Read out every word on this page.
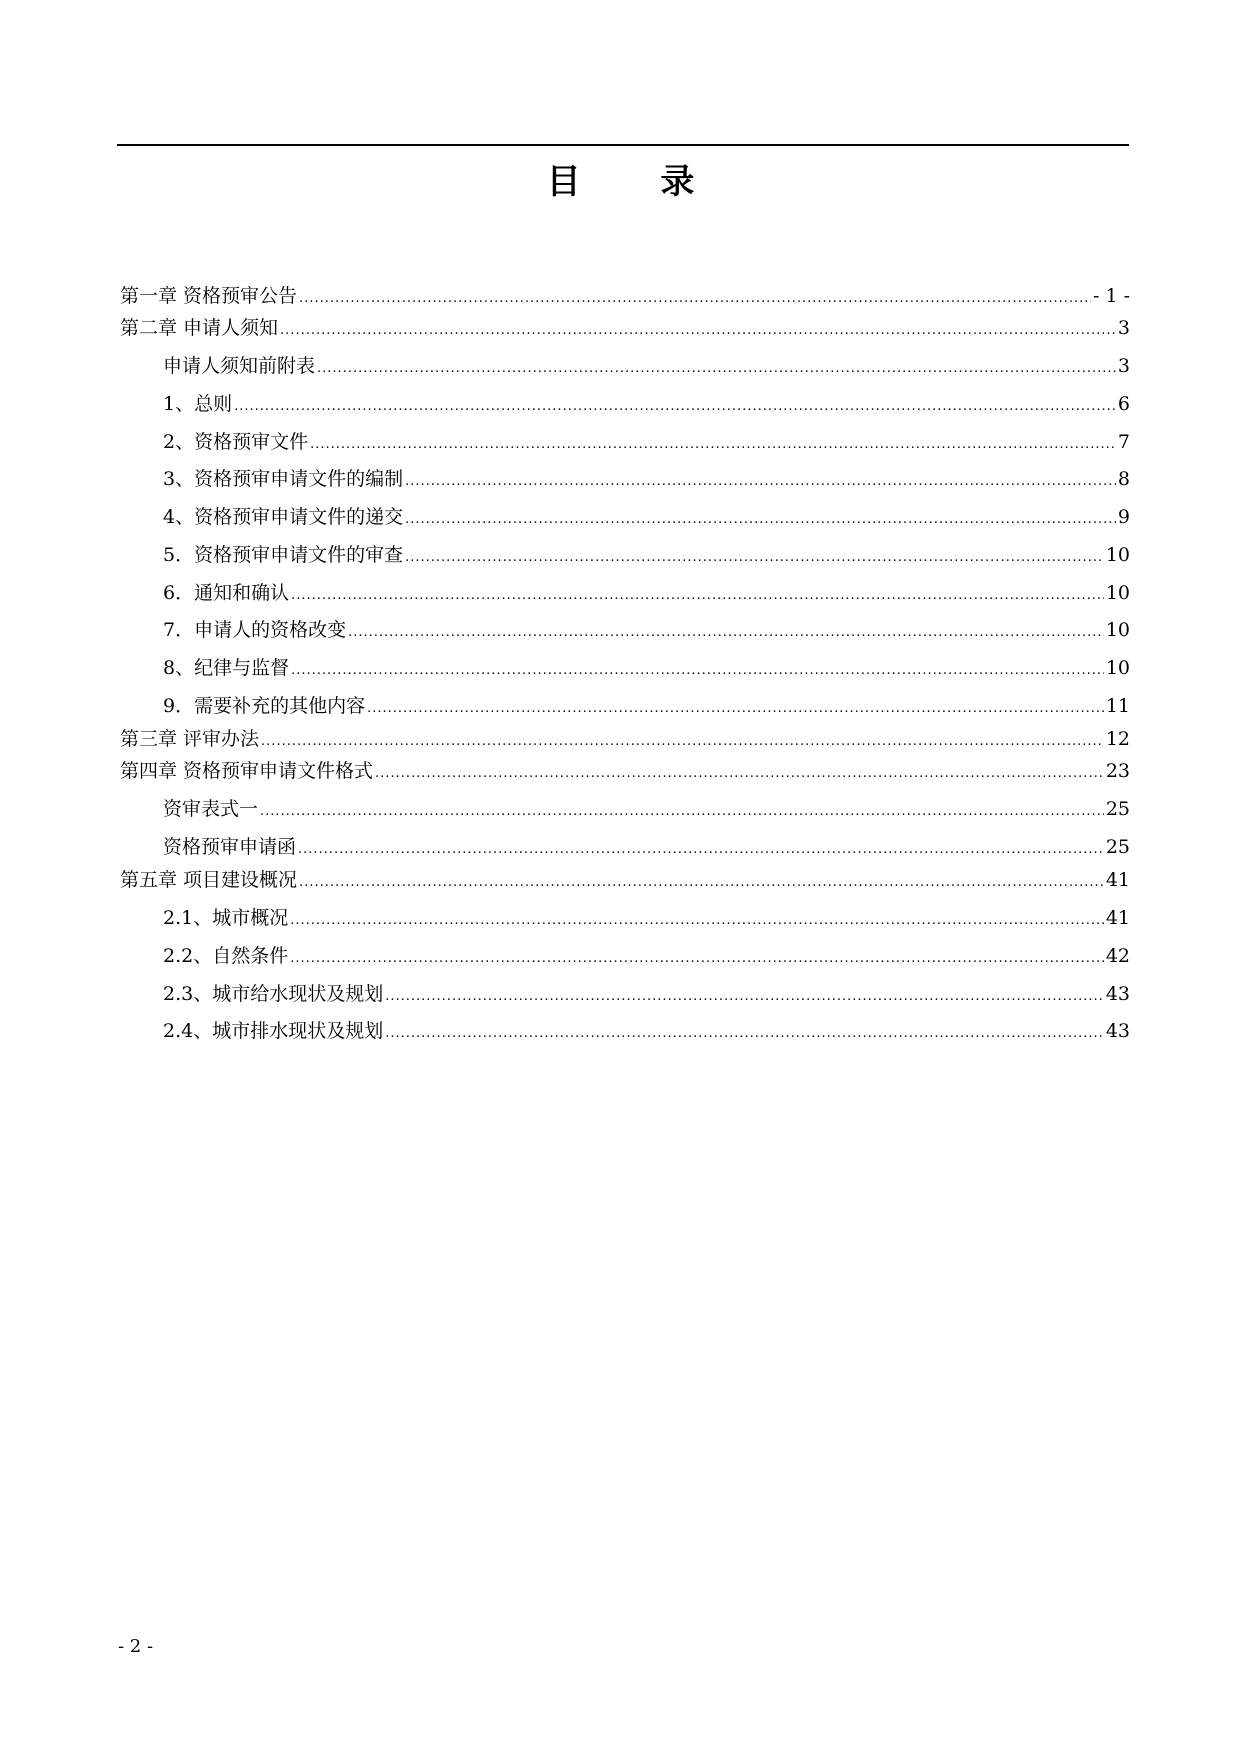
目 录
第一章 资格预审公告 .....	- 1 -
第二章 申请人须知 .....	3
申请人须知前附表 .....	3
1、总则 .....	6
2、资格预审文件 .....	7
3、资格预审申请文件的编制 .....	8
4、资格预审申请文件的递交 .....	9
5．资格预审申请文件的审查 .....	10
6．通知和确认 .....	10
7．申请人的资格改变 .....	10
8、纪律与监督 .....	10
9．需要补充的其他内容 .....	11
第三章 评审办法 .....	12
第四章 资格预审申请文件格式 .....	23
资审表式一 .....	25
资格预审申请函 .....	25
第五章 项目建设概况 .....	41
2.1、城市概况 .....	41
2.2、自然条件 .....	42
2.3、城市给水现状及规划 .....	43
2.4、城市排水现状及规划 .....	43
- 2 -
